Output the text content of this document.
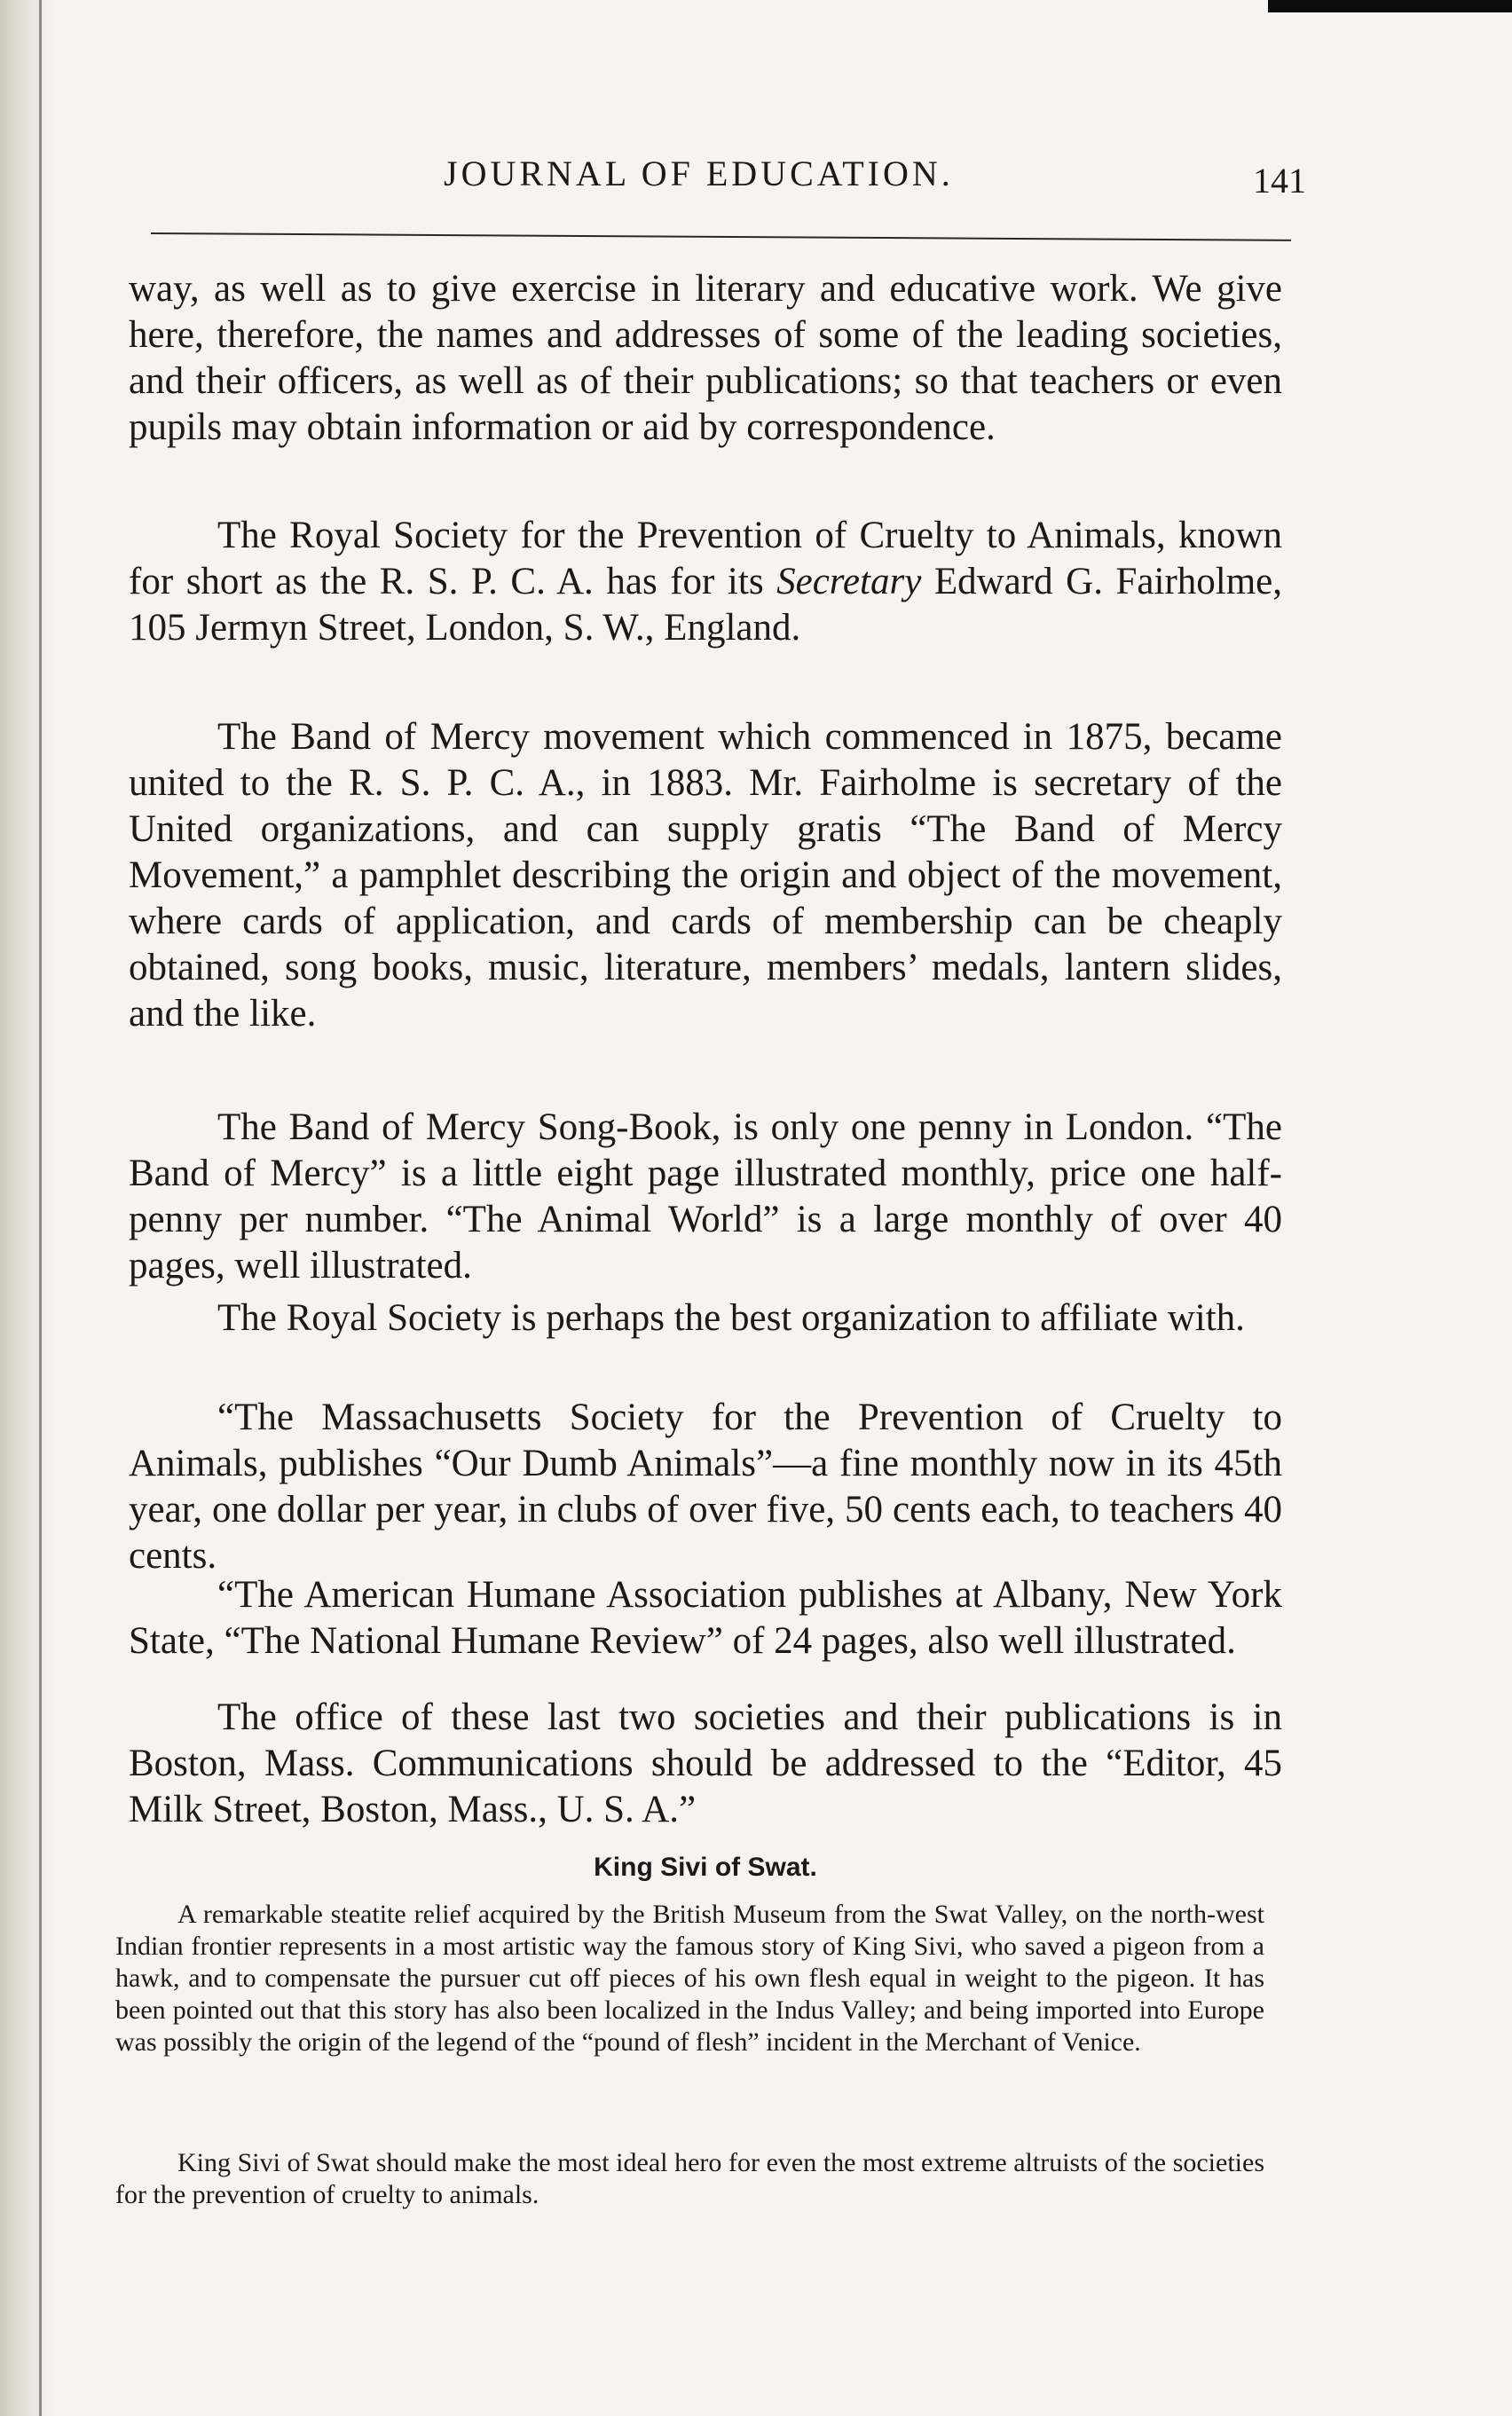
JOURNAL OF EDUCATION.	141
way, as well as to give exercise in literary and educative work. We give here, therefore, the names and addresses of some of the leading societies, and their officers, as well as of their publications; so that teachers or even pupils may obtain information or aid by correspondence.
The Royal Society for the Prevention of Cruelty to Animals, known for short as the R. S. P. C. A. has for its Secretary Edward G. Fairholme, 105 Jermyn Street, London, S. W., England.
The Band of Mercy movement which commenced in 1875, became united to the R. S. P. C. A., in 1883. Mr. Fairholme is secretary of the United organizations, and can supply gratis “The Band of Mercy Movement,” a pamphlet describing the origin and object of the movement, where cards of application, and cards of membership can be cheaply obtained, song books, music, literature, members’ medals, lantern slides, and the like.
The Band of Mercy Song-Book, is only one penny in London. “The Band of Mercy” is a little eight page illustrated monthly, price one half-penny per number. “The Animal World” is a large monthly of over 40 pages, well illustrated.
The Royal Society is perhaps the best organization to affiliate with.
“The Massachusetts Society for the Prevention of Cruelty to Animals, publishes “Our Dumb Animals”—a fine monthly now in its 45th year, one dollar per year, in clubs of over five, 50 cents each, to teachers 40 cents.
“The American Humane Association publishes at Albany, New York State, “The National Humane Review” of 24 pages, also well illustrated.
The office of these last two societies and their publications is in Boston, Mass. Communications should be addressed to the “Editor, 45 Milk Street, Boston, Mass., U. S. A.”
King Sivi of Swat.
A remarkable steatite relief acquired by the British Museum from the Swat Valley, on the north-west Indian frontier represents in a most artistic way the famous story of King Sivi, who saved a pigeon from a hawk, and to compensate the pursuer cut off pieces of his own flesh equal in weight to the pigeon. It has been pointed out that this story has also been localized in the Indus Valley; and being imported into Europe was possibly the origin of the legend of the “pound of flesh” incident in the Merchant of Venice.
King Sivi of Swat should make the most ideal hero for even the most extreme altruists of the societies for the prevention of cruelty to animals.
